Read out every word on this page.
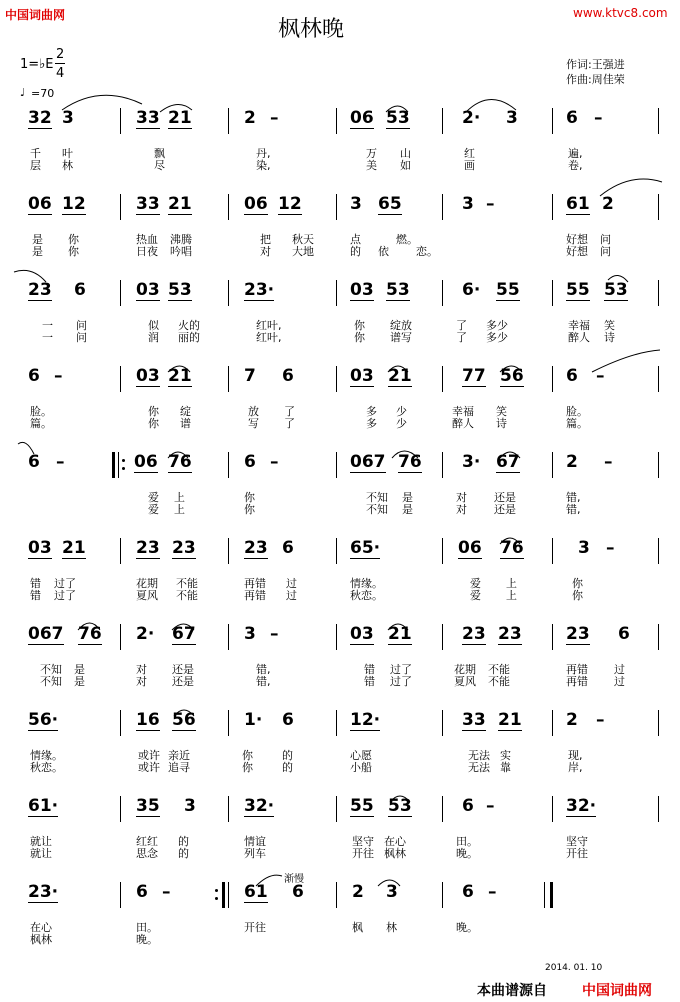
中国词曲网	www.ktvc8.com
枫林晚
作词:王强进
作曲:周佳荣
1=♭E
2
4
♩ =70
32 3	33 21	2 –	06 53	2· 3	6 –
千 叶	飘	丹,	万 山	红	遍,
层 林	尽	染,	美 如	画	卷,
06 12	33 21	06 12	3 65	3 –	61 2
是 你	热血 沸腾	把 秋天	点	燃。	好想 问
是 你	日夜 吟唱	对 大地	的 依 恋。	好想 问
23 6	03 53	23·	03 53	6· 55	55 53
一 问	似 火的	红叶,	你 绽放	了 多少	幸福 笑
一 问	润 丽的	红叶,	你 谱写	了 多少	醉人 诗
6 –	03 21	7 6	03 21	77 56 6 –
脸。	你 绽	放 了	多 少	幸福 笑	脸。
篇。	你 谱	写 了	多 少	醉人 诗	篇。
6 –	06 76	6 –	067 76 3· 67	2 –
爱 上	你	不知 是	对 还是	错,
爱 上	你	不知 是	对 还是	错,
03 21	23 23	23 6	65·	06 76	3 –
错 过了	花期 不能	再错 过	情缘。	爱 上	你
错 过了	夏风 不能	再错 过	秋恋。	爱 上	你
067 76 2· 67	3 –	03 21	23 23	23 6
不知 是	对 还是	错,	错 过了	花期 不能	再错 过
不知 是	对 还是	错,	错 过了	夏风 不能	再错 过
56·	16 56	1· 6	12·	33 21	2 –
情缘。	或许 亲近	你	的	心愿	无法 实	现,
秋恋。	或许 追寻	你	的	小船	无法 靠	岸,
61·	35 3	32·	55 53	6 –	32·
就让	红红 的	情谊	坚守 在心	田。	坚守
就让	思念 的	列车	开往 枫林	晚。	开往
23·	6 –	61 6	2 3	6 –
在心	田。	开往	枫 林	晚。
枫林	晚。
渐慢
2014. 01. 10
本曲谱源自	中国词曲网
